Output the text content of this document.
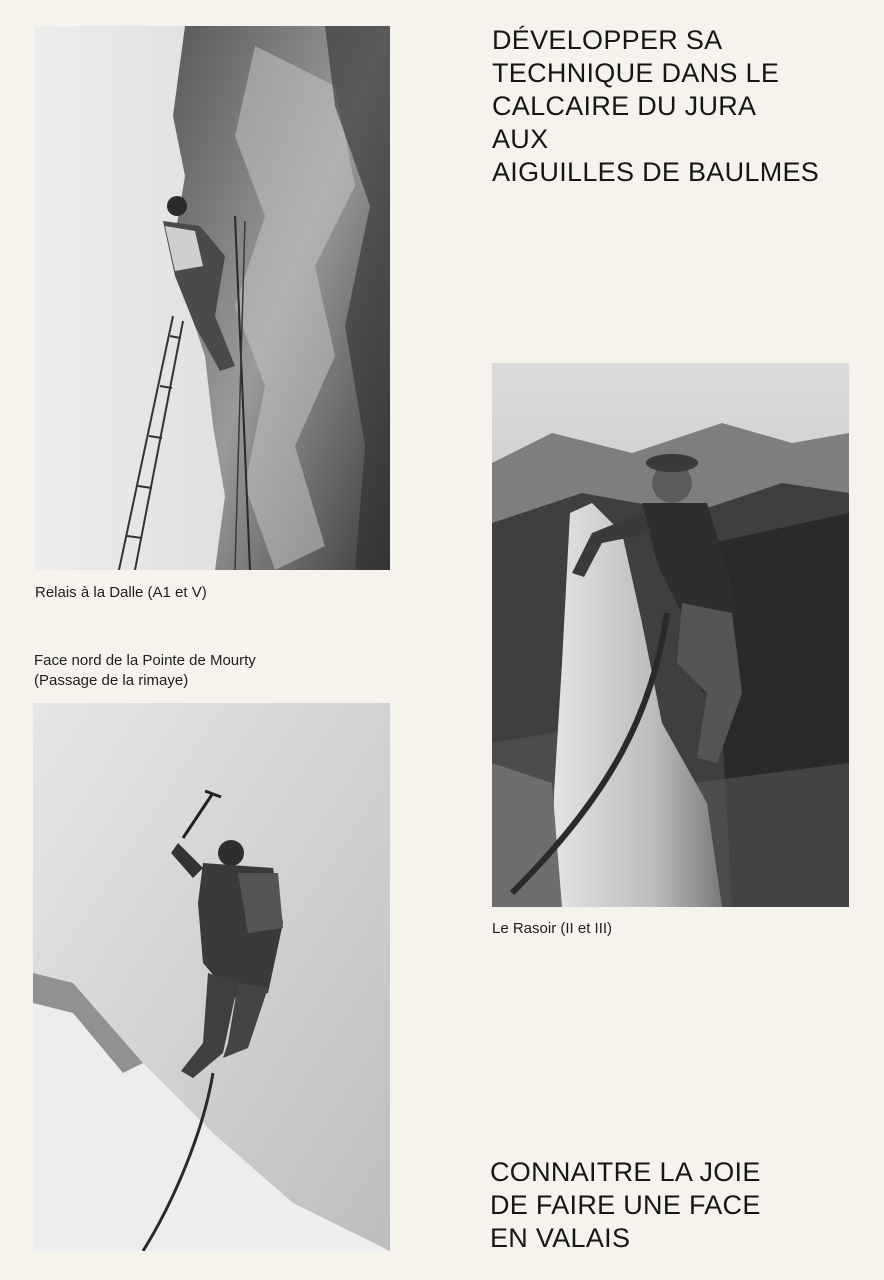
DÉVELOPPER SA
TECHNIQUE DANS LE
CALCAIRE DU JURA
AUX
AIGUILLES DE BAULMES

Relais à la Dalle (A1 et V)

Face nord de la Pointe de Mourty
(Passage de la rimaye)

Le Rasoir (II et III)

CONNAITRE LA JOIE
DE FAIRE UNE FACE
EN VALAIS
